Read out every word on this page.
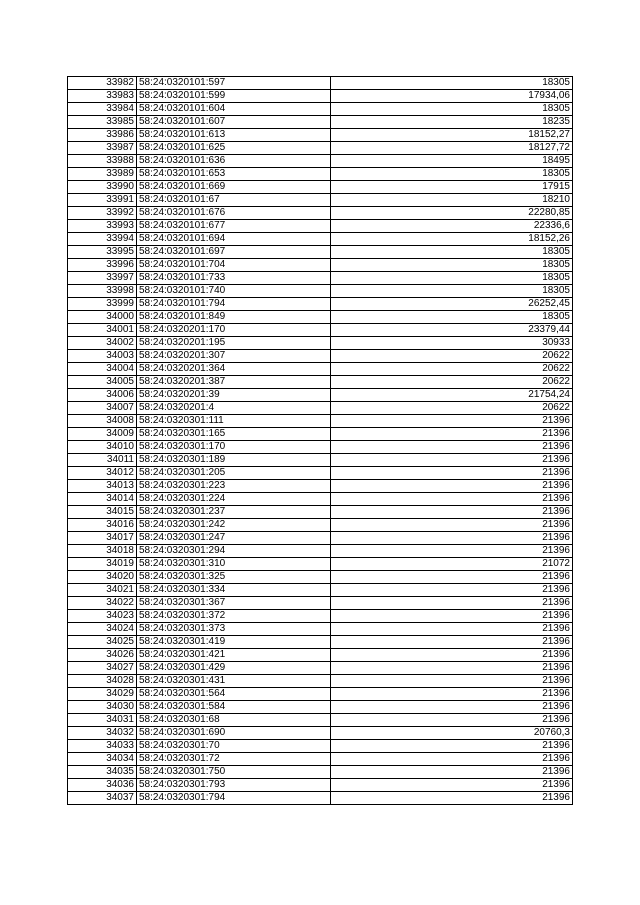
33982	58:24:0320101:597	18305
33983	58:24:0320101:599	17934,06
33984	58:24:0320101:604	18305
33985	58:24:0320101:607	18235
33986	58:24:0320101:613	18152,27
33987	58:24:0320101:625	18127,72
33988	58:24:0320101:636	18495
33989	58:24:0320101:653	18305
33990	58:24:0320101:669	17915
33991	58:24:0320101:67	18210
33992	58:24:0320101:676	22280,85
33993	58:24:0320101:677	22336,6
33994	58:24:0320101:694	18152,26
33995	58:24:0320101:697	18305
33996	58:24:0320101:704	18305
33997	58:24:0320101:733	18305
33998	58:24:0320101:740	18305
33999	58:24:0320101:794	26252,45
34000	58:24:0320101:849	18305
34001	58:24:0320201:170	23379,44
34002	58:24:0320201:195	30933
34003	58:24:0320201:307	20622
34004	58:24:0320201:364	20622
34005	58:24:0320201:387	20622
34006	58:24:0320201:39	21754,24
34007	58:24:0320201:4	20622
34008	58:24:0320301:111	21396
34009	58:24:0320301:165	21396
34010	58:24:0320301:170	21396
34011	58:24:0320301:189	21396
34012	58:24:0320301:205	21396
34013	58:24:0320301:223	21396
34014	58:24:0320301:224	21396
34015	58:24:0320301:237	21396
34016	58:24:0320301:242	21396
34017	58:24:0320301:247	21396
34018	58:24:0320301:294	21396
34019	58:24:0320301:310	21072
34020	58:24:0320301:325	21396
34021	58:24:0320301:334	21396
34022	58:24:0320301:367	21396
34023	58:24:0320301:372	21396
34024	58:24:0320301:373	21396
34025	58:24:0320301:419	21396
34026	58:24:0320301:421	21396
34027	58:24:0320301:429	21396
34028	58:24:0320301:431	21396
34029	58:24:0320301:564	21396
34030	58:24:0320301:584	21396
34031	58:24:0320301:68	21396
34032	58:24:0320301:690	20760,3
34033	58:24:0320301:70	21396
34034	58:24:0320301:72	21396
34035	58:24:0320301:750	21396
34036	58:24:0320301:793	21396
34037	58:24:0320301:794	21396
